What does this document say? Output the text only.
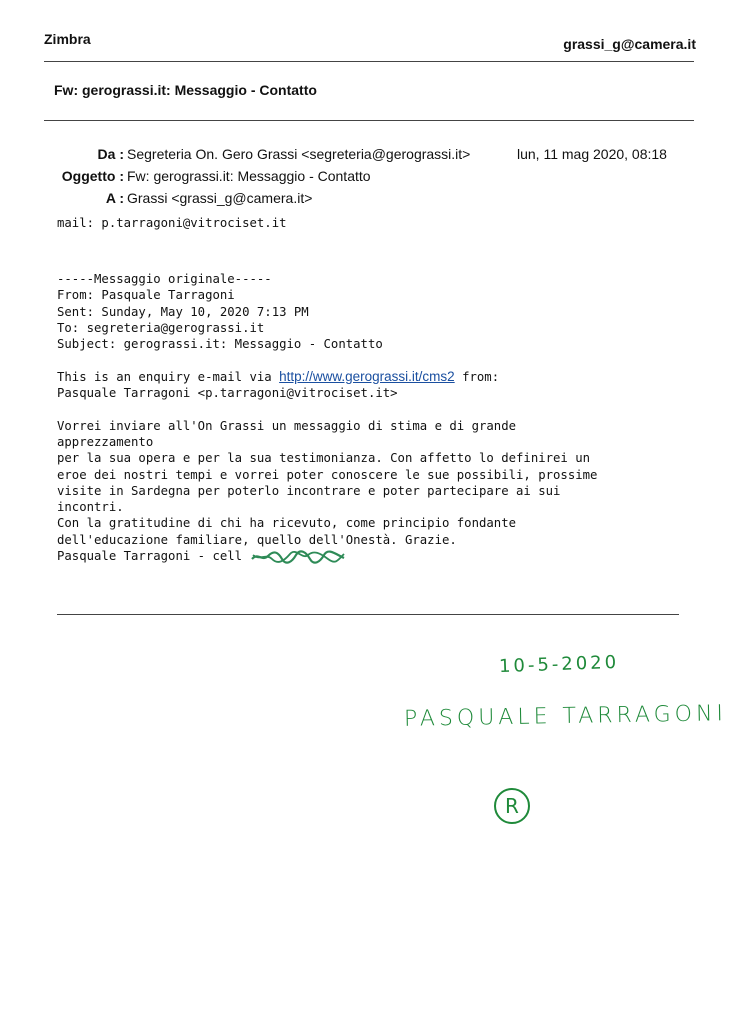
Zimbra	grassi_g@camera.it
Fw: gerograssi.it: Messaggio - Contatto
Da : Segreteria On. Gero Grassi <segreteria@gerograssi.it>	lun, 11 mag 2020, 08:18
Oggetto : Fw: gerograssi.it: Messaggio - Contatto
A : Grassi <grassi_g@camera.it>
mail: p.tarragoni@vitrociset.it
-----Messaggio originale-----
From: Pasquale Tarragoni
Sent: Sunday, May 10, 2020 7:13 PM
To: segreteria@gerograssi.it
Subject: gerograssi.it: Messaggio - Contatto
This is an enquiry e-mail via http://www.gerograssi.it/cms2 from:
Pasquale Tarragoni <p.tarragoni@vitrociset.it>
Vorrei inviare all'On Grassi un messaggio di stima e di grande
apprezzamento
per la sua opera e per la sua testimonianza. Con affetto lo definirei un
eroe dei nostri tempi e vorrei poter conoscere le sue possibili, prossime
visite in Sardegna per poterlo incontrare e poter partecipare ai sui
incontri.
Con la gratitudine di chi ha ricevuto, come principio fondante
dell'educazione familiare, quello dell'Onestà. Grazie.
Pasquale Tarragoni - cell
10-5-2020
PASQUALE TARRAGONI
R
